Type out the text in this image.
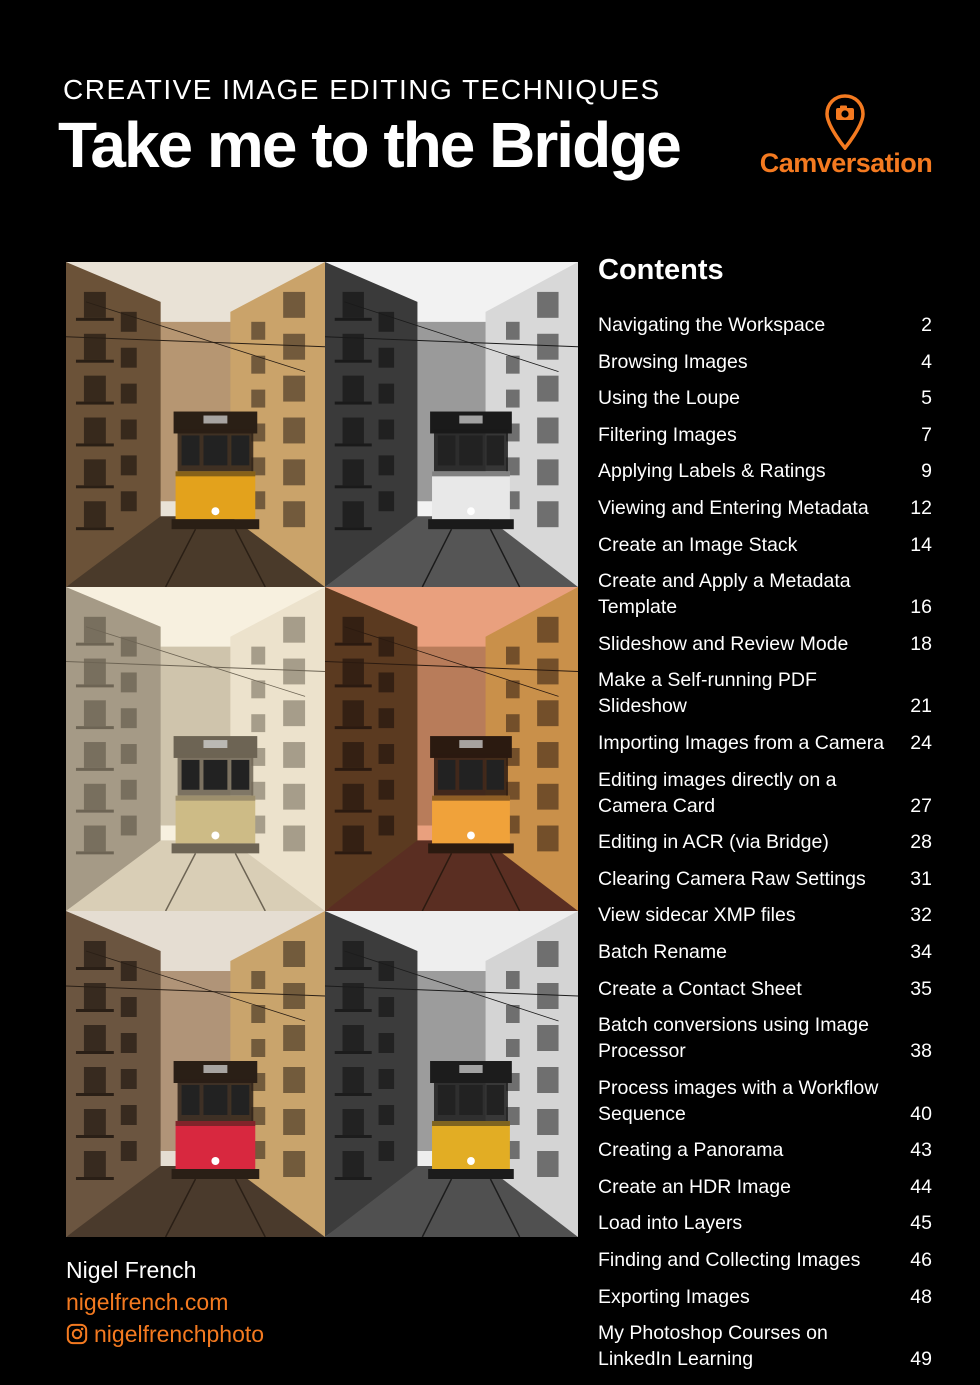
CREATIVE IMAGE EDITING TECHNIQUES
Take me to the Bridge	Camversation
Contents
Navigating the Workspace	2
Browsing Images	4
Using the Loupe	5
Filtering Images	7
Applying Labels & Ratings	9
Viewing and Entering Metadata	12
Create an Image Stack	14
Create and Apply a Metadata Template	16
Slideshow and Review Mode	18
Make a Self-running PDF Slideshow	21
Importing Images from a Camera	24
Editing images directly on a Camera Card	27
Editing in ACR (via Bridge)	28
Clearing Camera Raw Settings	31
View sidecar XMP files	32
Batch Rename	34
Create a Contact Sheet	35
Batch conversions using Image Processor	38
Process images with a Workflow Sequence	40
Creating a Panorama	43
Create an HDR Image	44
Load into Layers	45
Finding and Collecting Images	46
Exporting Images	48
My Photoshop Courses on LinkedIn Learning	49
Nigel French
nigelfrench.com
nigelfrenchphoto
